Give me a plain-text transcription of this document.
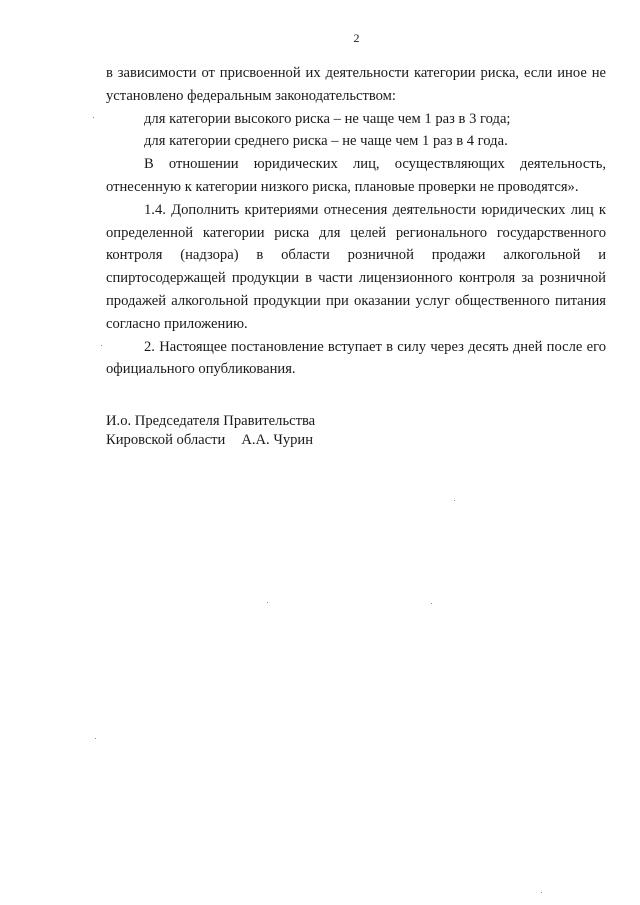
2

в зависимости от присвоенной их деятельности категории риска, если иное не установлено федеральным законодательством:

для категории высокого риска – не чаще чем 1 раз в 3 года;

для категории среднего риска – не чаще чем 1 раз в 4 года.

В отношении юридических лиц, осуществляющих деятельность, отнесенную к категории низкого риска, плановые проверки не проводятся».

1.4. Дополнить критериями отнесения деятельности юридических лиц к определенной категории риска для целей регионального государственного контроля (надзора) в области розничной продажи алкогольной и спиртосодержащей продукции в части лицензионного контроля за розничной продажей алкогольной продукции при оказании услуг общественного питания согласно приложению.

2. Настоящее постановление вступает в силу через десять дней после его официального опубликования.

И.о. Председателя Правительства
Кировской области А.А. Чурин
